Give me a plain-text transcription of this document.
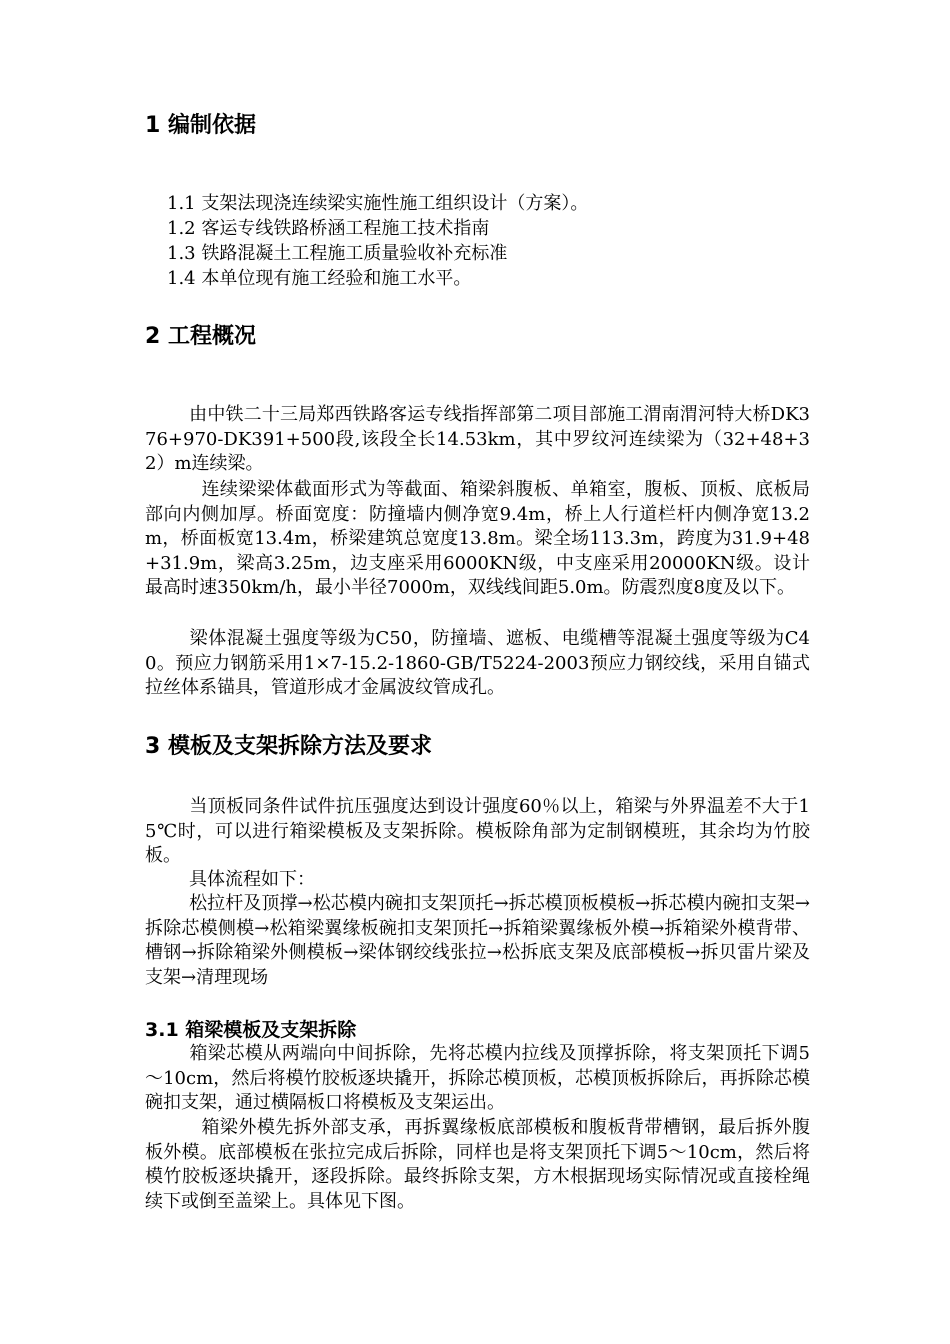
1 编制依据

1.1 支架法现浇连续梁实施性施工组织设计（方案）。

1.2 客运专线铁路桥涵工程施工技术指南

1.3 铁路混凝土工程施工质量验收补充标准

1.4 本单位现有施工经验和施工水平。

2 工程概况

由中铁二十三局郑西铁路客运专线指挥部第二项目部施工渭南渭河特大桥DK376+970-DK391+500段,该段全长14.53km，其中罗纹河连续梁为（32+48+32）m连续梁。

连续梁梁体截面形式为等截面、箱梁斜腹板、单箱室，腹板、顶板、底板局部向内侧加厚。桥面宽度：防撞墙内侧净宽9.4m，桥上人行道栏杆内侧净宽13.2m，桥面板宽13.4m，桥梁建筑总宽度13.8m。梁全场113.3m，跨度为31.9+48+31.9m，梁高3.25m，边支座采用6000KN级，中支座采用20000KN级。设计最高时速350km/h，最小半径7000m，双线线间距5.0m。防震烈度8度及以下。

梁体混凝土强度等级为C50，防撞墙、遮板、电缆槽等混凝土强度等级为C40。预应力钢筋采用1×7-15.2-1860-GB/T5224-2003预应力钢绞线，采用自锚式拉丝体系锚具，管道形成才金属波纹管成孔。

3 模板及支架拆除方法及要求

当顶板同条件试件抗压强度达到设计强度60％以上，箱梁与外界温差不大于15℃时，可以进行箱梁模板及支架拆除。模板除角部为定制钢模班，其余均为竹胶板。

具体流程如下：

松拉杆及顶撑→松芯模内碗扣支架顶托→拆芯模顶板模板→拆芯模内碗扣支架→拆除芯模侧模→松箱梁翼缘板碗扣支架顶托→拆箱梁翼缘板外模→拆箱梁外模背带、槽钢→拆除箱梁外侧模板→梁体钢绞线张拉→松拆底支架及底部模板→拆贝雷片梁及支架→清理现场

3.1 箱梁模板及支架拆除

箱梁芯模从两端向中间拆除，先将芯模内拉线及顶撑拆除，将支架顶托下调5～10cm，然后将模竹胶板逐块撬开，拆除芯模顶板，芯模顶板拆除后，再拆除芯模碗扣支架，通过横隔板口将模板及支架运出。

箱梁外模先拆外部支承，再拆翼缘板底部模板和腹板背带槽钢，最后拆外腹板外模。底部模板在张拉完成后拆除，同样也是将支架顶托下调5～10cm，然后将模竹胶板逐块撬开，逐段拆除。最终拆除支架，方木根据现场实际情况或直接栓绳续下或倒至盖梁上。具体见下图。
